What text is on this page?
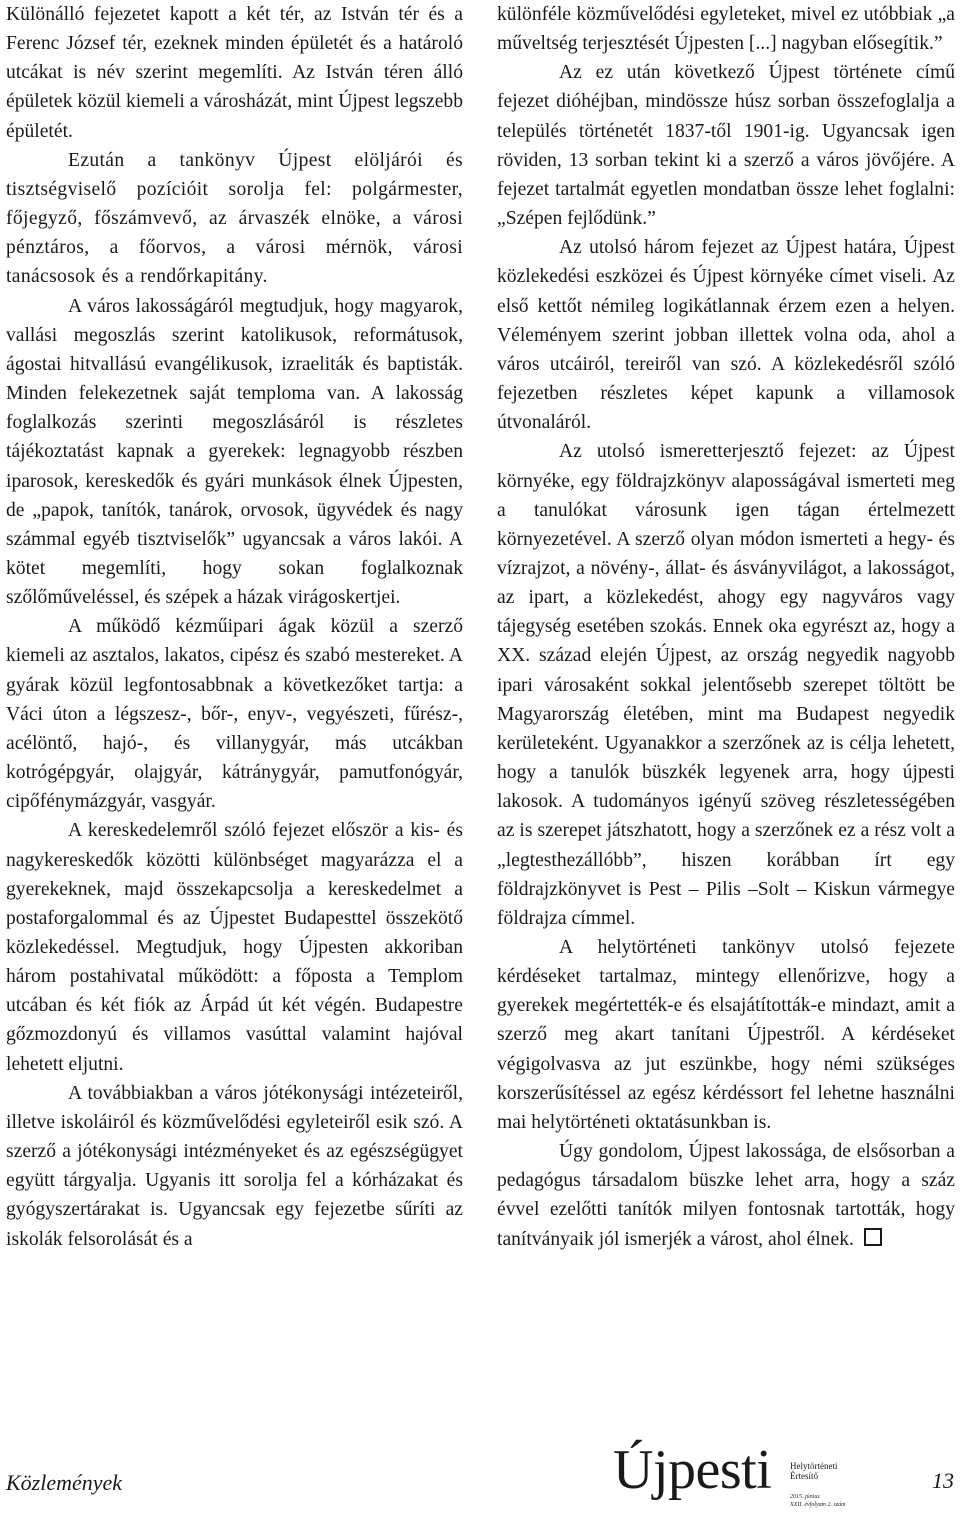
Különálló fejezetet kapott a két tér, az István tér és a Ferenc József tér, ezeknek minden épületét és a határoló utcákat is név szerint megemlíti. Az István téren álló épületek közül kiemeli a városházát, mint Újpest legszebb épületét.

Ezután a tankönyv Újpest elöljárói és tisztségviselő pozícióit sorolja fel: polgármester, főjegyző, főszámvevő, az árvaszék elnöke, a városi pénztáros, a főorvos, a városi mérnök, városi tanácsosok és a rendőrkapitány.

A város lakosságáról megtudjuk, hogy magyarok, vallási megoszlás szerint katolikusok, reformátusok, ágostai hitvallású evangélikusok, izraeliták és baptisták. Minden felekezetnek saját temploma van. A lakosság foglalkozás szerinti megoszlásáról is részletes tájékoztatást kapnak a gyerekek: legnagyobb részben iparosok, kereskedők és gyári munkások élnek Újpesten, de „papok, tanítók, tanárok, orvosok, ügyvédek és nagy számmal egyéb tisztviselők” ugyancsak a város lakói. A kötet megemlíti, hogy sokan foglalkoznak szőlőműveléssel, és szépek a házak virágoskertjei.

A működő kézműipari ágak közül a szerző kiemeli az asztalos, lakatos, cipész és szabó mestereket. A gyárak közül legfontosabbnak a következőket tartja: a Váci úton a légszesz-, bőr-, enyv-, vegyészeti, fűrész-, acélöntő, hajó-, és villanygyár, más utcákban kotrógépgyár, olajgyár, kátránygyár, pamutfonógyár, cipőfénymázgyár, vasgyár.

A kereskedelemről szóló fejezet először a kis- és nagykereskedők közötti különbséget magyarázza el a gyerekeknek, majd összekapcsolja a kereskedelmet a postaforgalommal és az Újpestet Budapesttel összekötő közlekedéssel. Megtudjuk, hogy Újpesten akkoriban három postahivatal működött: a főposta a Templom utcában és két fiók az Árpád út két végén. Budapestre gőzmozdonyú és villamos vasúttal valamint hajóval lehetett eljutni.

A továbbiakban a város jótékonysági intézeteiről, illetve iskoláiról és közművelődési egyleteiről esik szó. A szerző a jótékonysági intézményeket és az egészségügyet együtt tárgyalja. Ugyanis itt sorolja fel a kórházakat és gyógyszertárakat is. Ugyancsak egy fejezetbe sűríti az iskolák felsorolását és a

különféle közművelődési egyleteket, mivel ez utóbbiak „a műveltség terjesztését Újpesten [...] nagyban elősegítik.”

Az ez után következő Újpest története című fejezet dióhéjban, mindössze húsz sorban összefoglalja a település történetét 1837-től 1901-ig. Ugyancsak igen röviden, 13 sorban tekint ki a szerző a város jövőjére. A fejezet tartalmát egyetlen mondatban össze lehet foglalni: „Szépen fejlődünk.”

Az utolsó három fejezet az Újpest határa, Újpest közlekedési eszközei és Újpest környéke címet viseli. Az első kettőt némileg logikátlannak érzem ezen a helyen. Véleményem szerint jobban illettek volna oda, ahol a város utcáiról, tereiről van szó. A közlekedésről szóló fejezetben részletes képet kapunk a villamosok útvonaláról.

Az utolsó ismeretterjesztő fejezet: az Újpest környéke, egy földrajzkönyv alaposságával ismerteti meg a tanulókat városunk igen tágan értelmezett környezetével. A szerző olyan módon ismerteti a hegy- és vízrajzot, a növény-, állat- és ásványvilágot, a lakosságot, az ipart, a közlekedést, ahogy egy nagyváros vagy tájegység esetében szokás. Ennek oka egyrészt az, hogy a XX. század elején Újpest, az ország negyedik nagyobb ipari városaként sokkal jelentősebb szerepet töltött be Magyarország életében, mint ma Budapest negyedik kerületeként. Ugyanakkor a szerzőnek az is célja lehetett, hogy a tanulók büszkék legyenek arra, hogy újpesti lakosok. A tudományos igényű szöveg részletességében az is szerepet játszhatott, hogy a szerzőnek ez a rész volt a „legtesthezállóbb”, hiszen korábban írt egy földrajzkönyvet is Pest – Pilis –Solt – Kiskun vármegye földrajza címmel.

A helytörténeti tankönyv utolsó fejezete kérdéseket tartalmaz, mintegy ellenőrizve, hogy a gyerekek megértették-e és elsajátították-e mindazt, amit a szerző meg akart tanítani Újpestről. A kérdéseket végigolvasva az jut eszünkbe, hogy némi szükséges korszerűsítéssel az egész kérdéssort fel lehetne használni mai helytörténeti oktatásunkban is.

Úgy gondolom, Újpest lakossága, de elsősorban a pedagógus társadalom büszke lehet arra, hogy a száz évvel ezelőtti tanítók milyen fontosnak tartották, hogy tanítványaik jól ismerjék a várost, ahol élnek.

Közlemények	Újpesti Helytörténeti
Értesítő
2015. június
XXII. évfolyam 2. szám
13
